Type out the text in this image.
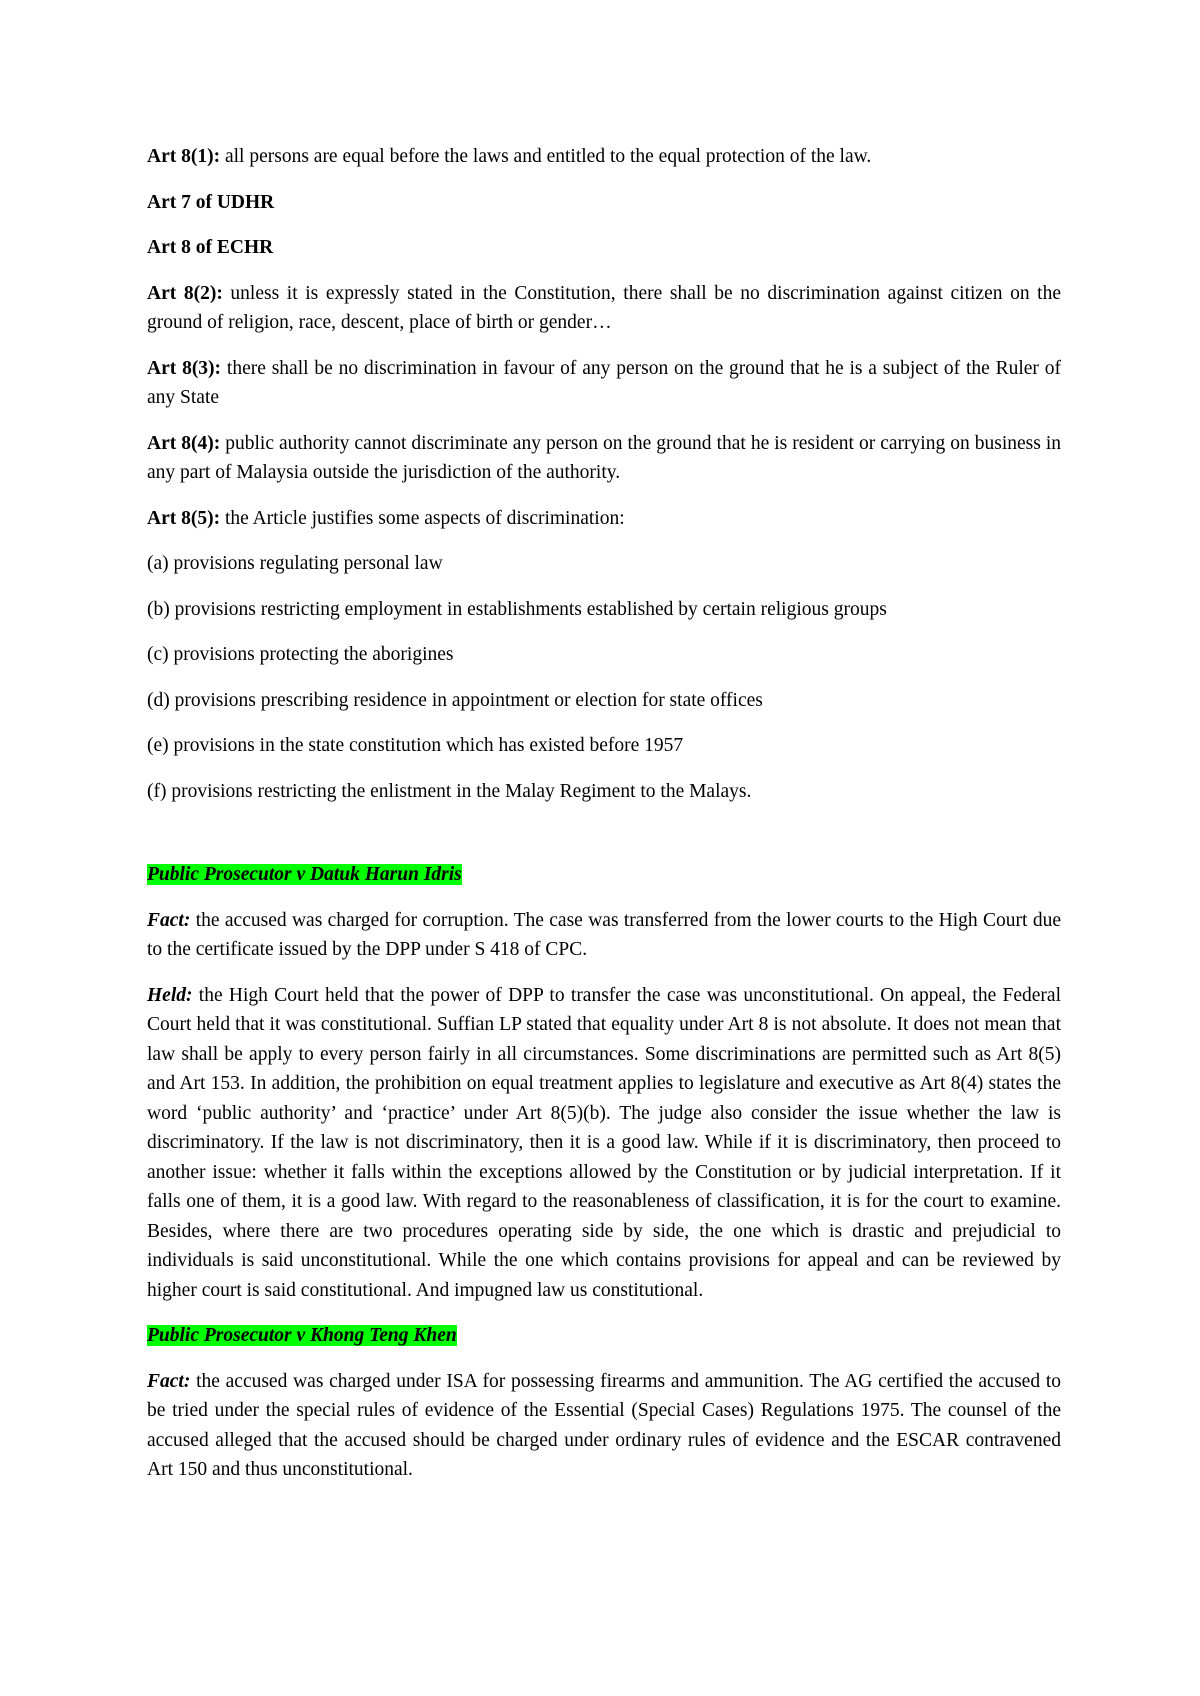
Art 8(1): all persons are equal before the laws and entitled to the equal protection of the law.

Art 7 of UDHR

Art 8 of ECHR

Art 8(2): unless it is expressly stated in the Constitution, there shall be no discrimination against citizen on the ground of religion, race, descent, place of birth or gender…

Art 8(3): there shall be no discrimination in favour of any person on the ground that he is a subject of the Ruler of any State

Art 8(4): public authority cannot discriminate any person on the ground that he is resident or carrying on business in any part of Malaysia outside the jurisdiction of the authority.

Art 8(5): the Article justifies some aspects of discrimination:

(a) provisions regulating personal law

(b) provisions restricting employment in establishments established by certain religious groups

(c) provisions protecting the aborigines

(d) provisions prescribing residence in appointment or election for state offices

(e) provisions in the state constitution which has existed before 1957

(f) provisions restricting the enlistment in the Malay Regiment to the Malays.

Public Prosecutor v Datuk Harun Idris

Fact: the accused was charged for corruption. The case was transferred from the lower courts to the High Court due to the certificate issued by the DPP under S 418 of CPC.

Held: the High Court held that the power of DPP to transfer the case was unconstitutional. On appeal, the Federal Court held that it was constitutional. Suffian LP stated that equality under Art 8 is not absolute. It does not mean that law shall be apply to every person fairly in all circumstances. Some discriminations are permitted such as Art 8(5) and Art 153. In addition, the prohibition on equal treatment applies to legislature and executive as Art 8(4) states the word ‘public authority’ and ‘practice’ under Art 8(5)(b). The judge also consider the issue whether the law is discriminatory. If the law is not discriminatory, then it is a good law. While if it is discriminatory, then proceed to another issue: whether it falls within the exceptions allowed by the Constitution or by judicial interpretation. If it falls one of them, it is a good law. With regard to the reasonableness of classification, it is for the court to examine. Besides, where there are two procedures operating side by side, the one which is drastic and prejudicial to individuals is said unconstitutional. While the one which contains provisions for appeal and can be reviewed by higher court is said constitutional. And impugned law us constitutional.

Public Prosecutor v Khong Teng Khen

Fact: the accused was charged under ISA for possessing firearms and ammunition. The AG certified the accused to be tried under the special rules of evidence of the Essential (Special Cases) Regulations 1975. The counsel of the accused alleged that the accused should be charged under ordinary rules of evidence and the ESCAR contravened Art 150 and thus unconstitutional.
